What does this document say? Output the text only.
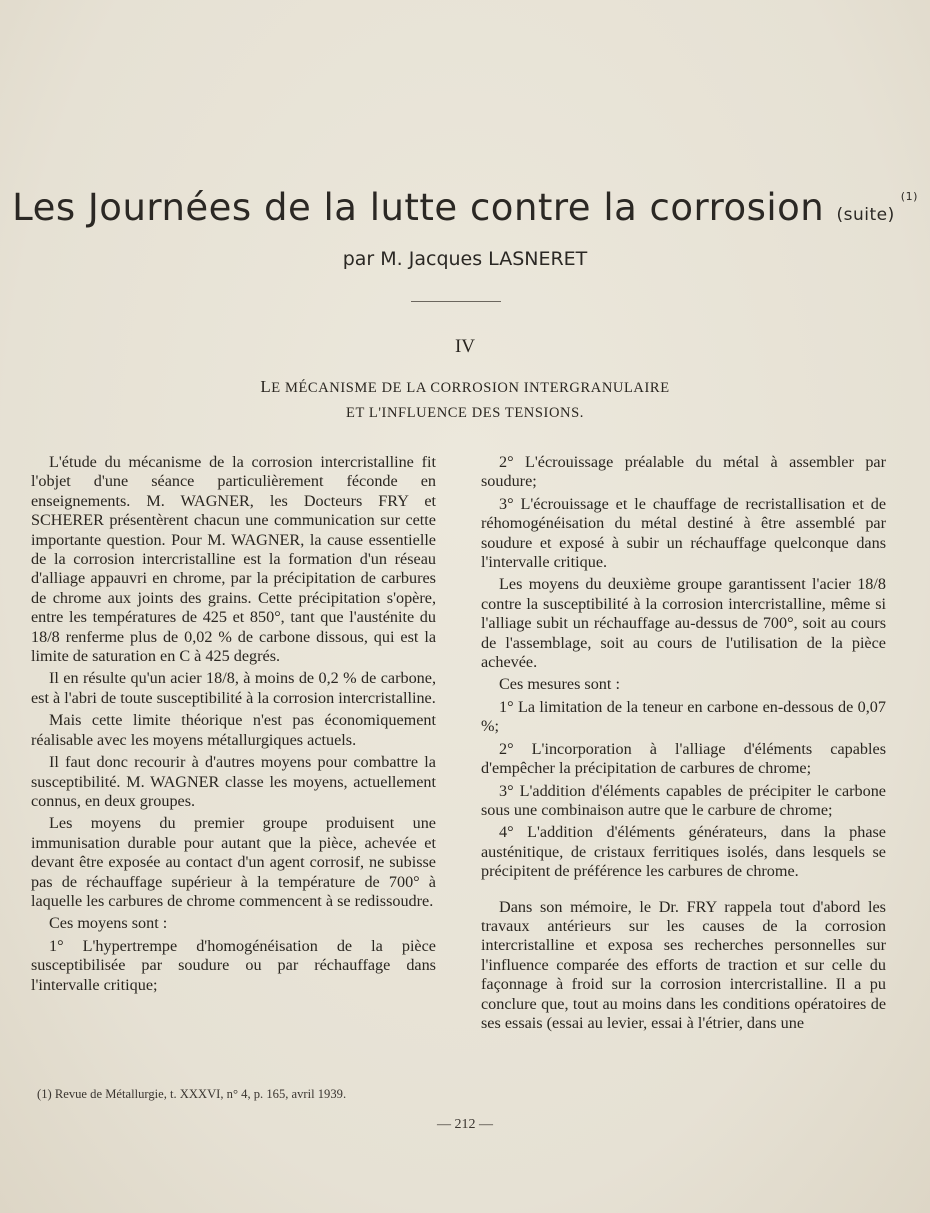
Les Journées de la lutte contre la corrosion (suite)$^{(1)}$
par M. Jacques LASNERET
IV
LE MÉCANISME DE LA CORROSION INTERGRANULAIRE
ET L'INFLUENCE DES TENSIONS.

L'étude du mécanisme de la corrosion intercristalline fit l'objet d'une séance particulièrement féconde en enseignements. M. WAGNER, les Docteurs FRY et SCHERER présentèrent chacun une communication sur cette importante question. Pour M. WAGNER, la cause essentielle de la corrosion intercristalline est la formation d'un réseau d'alliage appauvri en chrome, par la précipitation de carbures de chrome aux joints des grains. Cette précipitation s'opère, entre les températures de 425 et 850°, tant que l'austénite du 18/8 renferme plus de 0,02 % de carbone dissous, qui est la limite de saturation en C à 425 degrés.

Il en résulte qu'un acier 18/8, à moins de 0,2 % de carbone, est à l'abri de toute susceptibilité à la corrosion intercristalline.

Mais cette limite théorique n'est pas économiquement réalisable avec les moyens métallurgiques actuels.

Il faut donc recourir à d'autres moyens pour combattre la susceptibilité. M. WAGNER classe les moyens, actuellement connus, en deux groupes.

Les moyens du premier groupe produisent une immunisation durable pour autant que la pièce, achevée et devant être exposée au contact d'un agent corrosif, ne subisse pas de réchauffage supérieur à la température de 700° à laquelle les carbures de chrome commencent à se redissoudre.

Ces moyens sont :

1° L'hypertrempe d'homogénéisation de la pièce susceptibilisée par soudure ou par réchauffage dans l'intervalle critique;

2° L'écrouissage préalable du métal à assembler par soudure;

3° L'écrouissage et le chauffage de recristallisation et de réhomogénéisation du métal destiné à être assemblé par soudure et exposé à subir un réchauffage quelconque dans l'intervalle critique.

Les moyens du deuxième groupe garantissent l'acier 18/8 contre la susceptibilité à la corrosion intercristalline, même si l'alliage subit un réchauffage au-dessus de 700°, soit au cours de l'assemblage, soit au cours de l'utilisation de la pièce achevée.

Ces mesures sont :

1° La limitation de la teneur en carbone en-dessous de 0,07 %;

2° L'incorporation à l'alliage d'éléments capables d'empêcher la précipitation de carbures de chrome;

3° L'addition d'éléments capables de précipiter le carbone sous une combinaison autre que le carbure de chrome;

4° L'addition d'éléments générateurs, dans la phase austénitique, de cristaux ferritiques isolés, dans lesquels se précipitent de préférence les carbures de chrome.

Dans son mémoire, le Dr. FRY rappela tout d'abord les travaux antérieurs sur les causes de la corrosion intercristalline et exposa ses recherches personnelles sur l'influence comparée des efforts de traction et sur celle du façonnage à froid sur la corrosion intercristalline. Il a pu conclure que, tout au moins dans les conditions opératoires de ses essais (essai au levier, essai à l'étrier, dans une

(1) Revue de Métallurgie, t. XXXVI, n° 4, p. 165, avril 1939.
— 212 —
